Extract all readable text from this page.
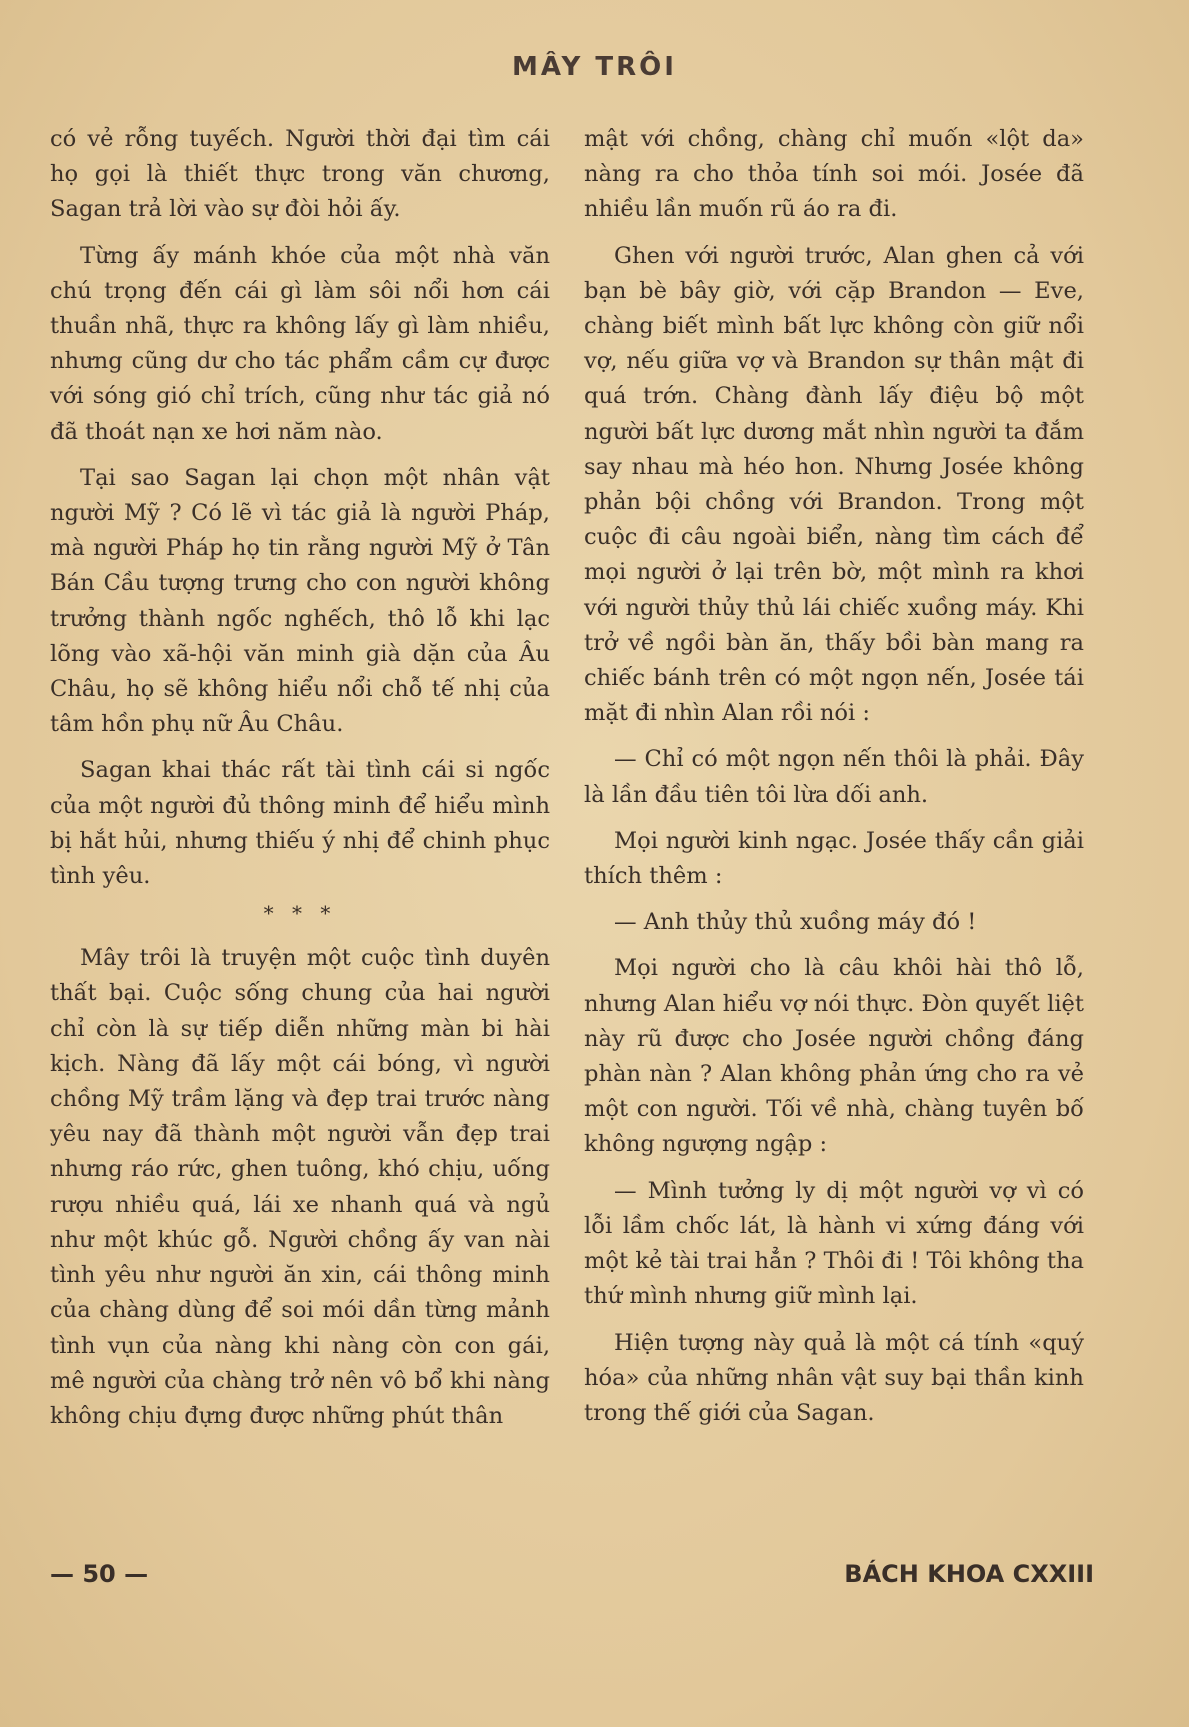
MÂY TRÔI

có vẻ rỗng tuyếch. Người thời đại tìm cái họ gọi là thiết thực trong văn chương, Sagan trả lời vào sự đòi hỏi ấy.

Từng ấy mánh khóe của một nhà văn chú trọng đến cái gì làm sôi nổi hơn cái thuần nhã, thực ra không lấy gì làm nhiều, nhưng cũng dư cho tác phẩm cầm cự được với sóng gió chỉ trích, cũng như tác giả nó đã thoát nạn xe hơi năm nào.

Tại sao Sagan lại chọn một nhân vật người Mỹ ? Có lẽ vì tác giả là người Pháp, mà người Pháp họ tin rằng người Mỹ ở Tân Bán Cầu tượng trưng cho con người không trưởng thành ngốc nghếch, thô lỗ khi lạc lõng vào xã-hội văn minh già dặn của Âu Châu, họ sẽ không hiểu nổi chỗ tế nhị của tâm hồn phụ nữ Âu Châu.

Sagan khai thác rất tài tình cái si ngốc của một người đủ thông minh để hiểu mình bị hắt hủi, nhưng thiếu ý nhị để chinh phục tình yêu.

* * *

Mây trôi là truyện một cuộc tình duyên thất bại. Cuộc sống chung của hai người chỉ còn là sự tiếp diễn những màn bi hài kịch. Nàng đã lấy một cái bóng, vì người chồng Mỹ trầm lặng và đẹp trai trước nàng yêu nay đã thành một người vẫn đẹp trai nhưng ráo rức, ghen tuông, khó chịu, uống rượu nhiều quá, lái xe nhanh quá và ngủ như một khúc gỗ. Người chồng ấy van nài tình yêu như người ăn xin, cái thông minh của chàng dùng để soi mói dần từng mảnh tình vụn của nàng khi nàng còn con gái, mê người của chàng trở nên vô bổ khi nàng không chịu đựng được những phút thân

mật với chồng, chàng chỉ muốn «lột da» nàng ra cho thỏa tính soi mói. Josée đã nhiều lần muốn rũ áo ra đi.

Ghen với người trước, Alan ghen cả với bạn bè bây giờ, với cặp Brandon — Eve, chàng biết mình bất lực không còn giữ nổi vợ, nếu giữa vợ và Brandon sự thân mật đi quá trớn. Chàng đành lấy điệu bộ một người bất lực dương mắt nhìn người ta đắm say nhau mà héo hon. Nhưng Josée không phản bội chồng với Brandon. Trong một cuộc đi câu ngoài biển, nàng tìm cách để mọi người ở lại trên bờ, một mình ra khơi với người thủy thủ lái chiếc xuồng máy. Khi trở về ngồi bàn ăn, thấy bồi bàn mang ra chiếc bánh trên có một ngọn nến, Josée tái mặt đi nhìn Alan rồi nói :

— Chỉ có một ngọn nến thôi là phải. Đây là lần đầu tiên tôi lừa dối anh.

Mọi người kinh ngạc. Josée thấy cần giải thích thêm :

— Anh thủy thủ xuồng máy đó !

Mọi người cho là câu khôi hài thô lỗ, nhưng Alan hiểu vợ nói thực. Đòn quyết liệt này rũ được cho Josée người chồng đáng phàn nàn ? Alan không phản ứng cho ra vẻ một con người. Tối về nhà, chàng tuyên bố không ngượng ngập :

— Mình tưởng ly dị một người vợ vì có lỗi lầm chốc lát, là hành vi xứng đáng với một kẻ tài trai hẳn ? Thôi đi ! Tôi không tha thứ mình nhưng giữ mình lại.

Hiện tượng này quả là một cá tính «quý hóa» của những nhân vật suy bại thần kinh trong thế giới của Sagan.

— 50 —	BÁCH KHOA CXXIII
